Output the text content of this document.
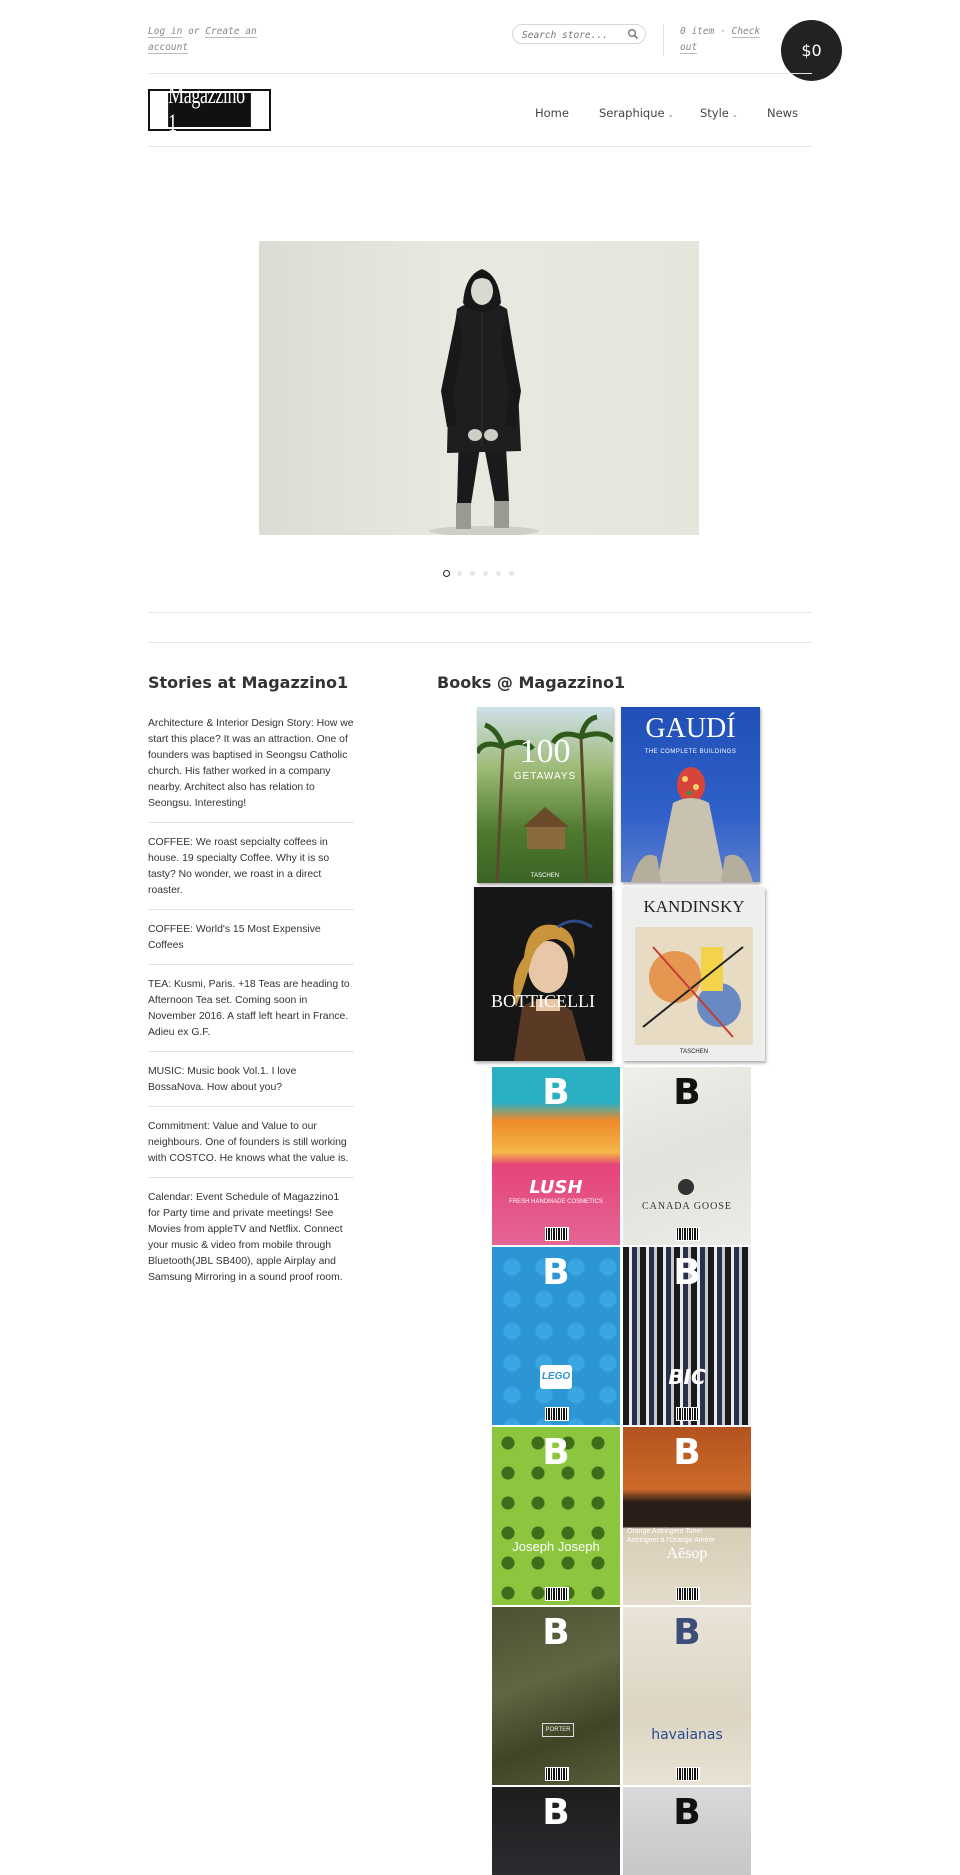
Log in or Create an account
Search store...
0 item · Check out	$0
Magazzino 1	Home	Seraphique ⌄ Style ⌄	News
Stories at Magazzino1
Architecture & Interior Design Story: How we start this place? It was an attraction. One of founders was baptised in Seongsu Catholic church. His father worked in a company nearby. Architect also has relation to Seongsu. Interesting!
COFFEE: We roast sepcialty coffees in house. 19 specialty Coffee. Why it is so tasty? No wonder, we roast in a direct roaster.
COFFEE: World's 15 Most Expensive Coffees
TEA: Kusmi, Paris. +18 Teas are heading to Afternoon Tea set. Coming soon in November 2016. A staff left heart in France. Adieu ex G.F.
MUSIC: Music book Vol.1. I love BossaNova. How about you?
Commitment: Value and Value to our neighbours. One of founders is still working with COSTCO. He knows what the value is.
Calendar: Event Schedule of Magazzino1 for Party time and private meetings! See Movies from appleTV and Netflix. Connect your music & video from mobile through Bluetooth(JBL SB400), apple Airplay and Samsung Mirroring in a sound proof room.
Books @ Magazzino1
100
GETAWAYS
TASCHEN
GAUDÍ
THE COMPLETE BUILDINGS
BOTTICELLI
KANDINSKY
TASCHEN
B
LUSH
FRESH HANDMADE COSMETICS
B
CANADA GOOSE
B
LEGO
B
BIC
B
Joseph Joseph
B
Aēsop
Orange Astringent Toner
Astringent à l'Orange Amère
B
PORTER
B
havaianas
B	B
